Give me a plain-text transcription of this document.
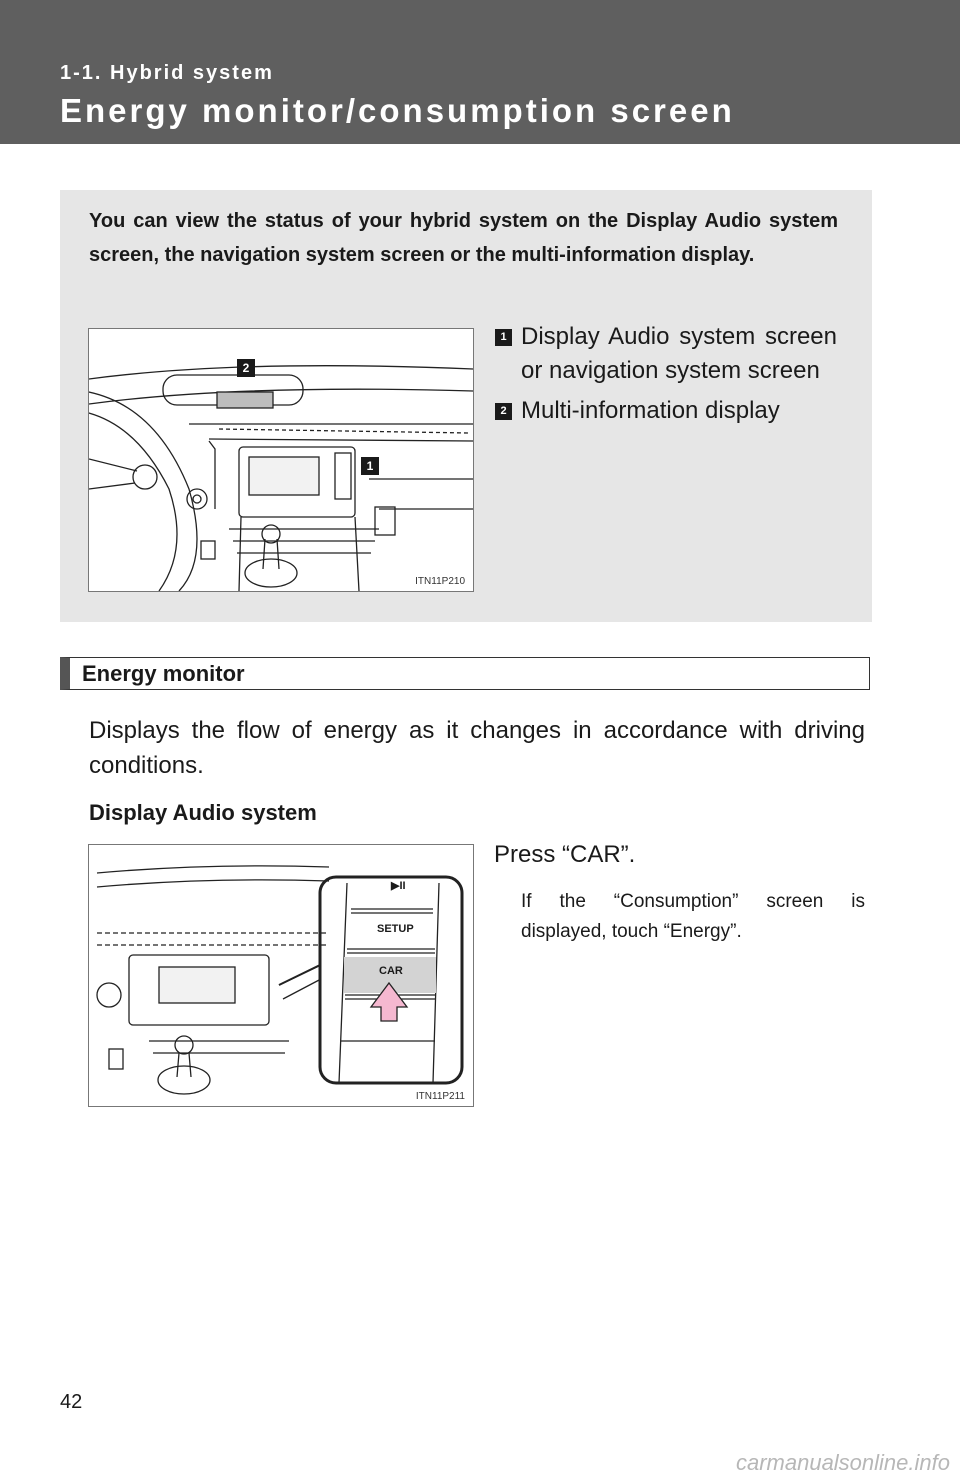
1-1. Hybrid system
Energy monitor/consumption screen
You can view the status of your hybrid system on the Display Audio system screen, the navigation system screen or the multi-information display.
2
1
ITN11P210
1 Display Audio system screen or navigation system screen
2 Multi-information display
Energy monitor
Displays the flow of energy as it changes in accordance with driving conditions.
Display Audio system
▶II
SETUP
CAR
ITN11P211
Press “CAR”.
If the “Consumption” screen is displayed, touch “Energy”.
42
carmanualsonline.info
